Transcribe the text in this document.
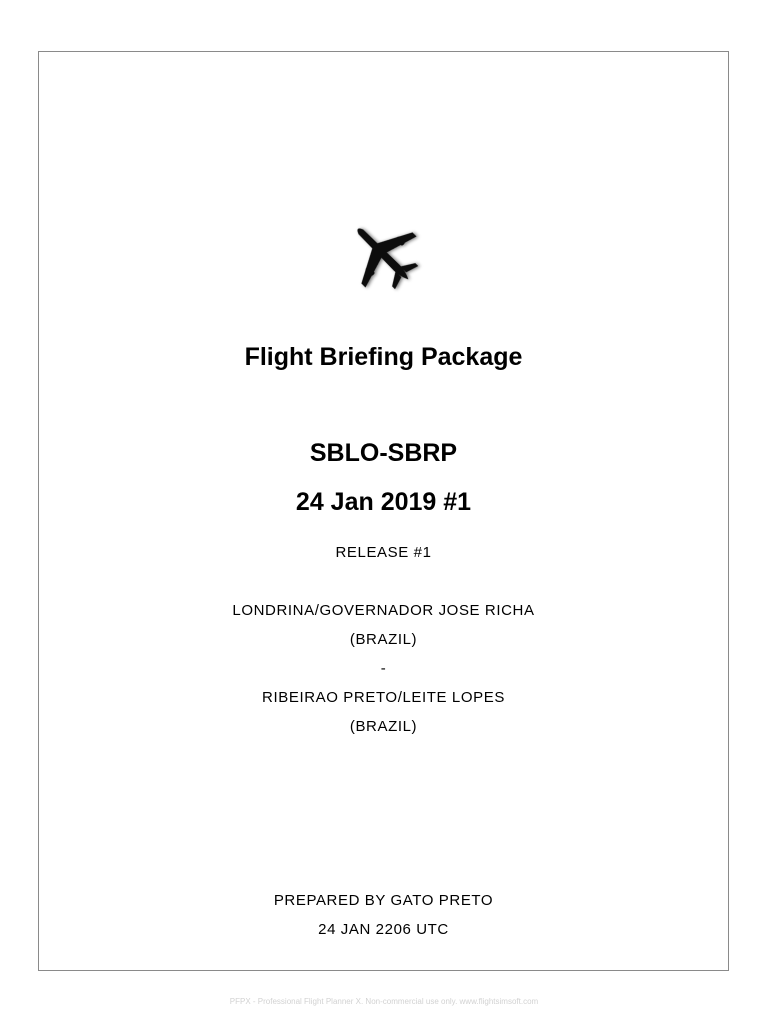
Flight Briefing Package
SBLO-SBRP
24 Jan 2019 #1
RELEASE #1
LONDRINA/GOVERNADOR JOSE RICHA
(BRAZIL)
-
RIBEIRAO PRETO/LEITE LOPES
(BRAZIL)
PREPARED BY GATO PRETO
24 JAN 2206 UTC
PFPX - Professional Flight Planner X. Non-commercial use only. www.flightsimsoft.com
